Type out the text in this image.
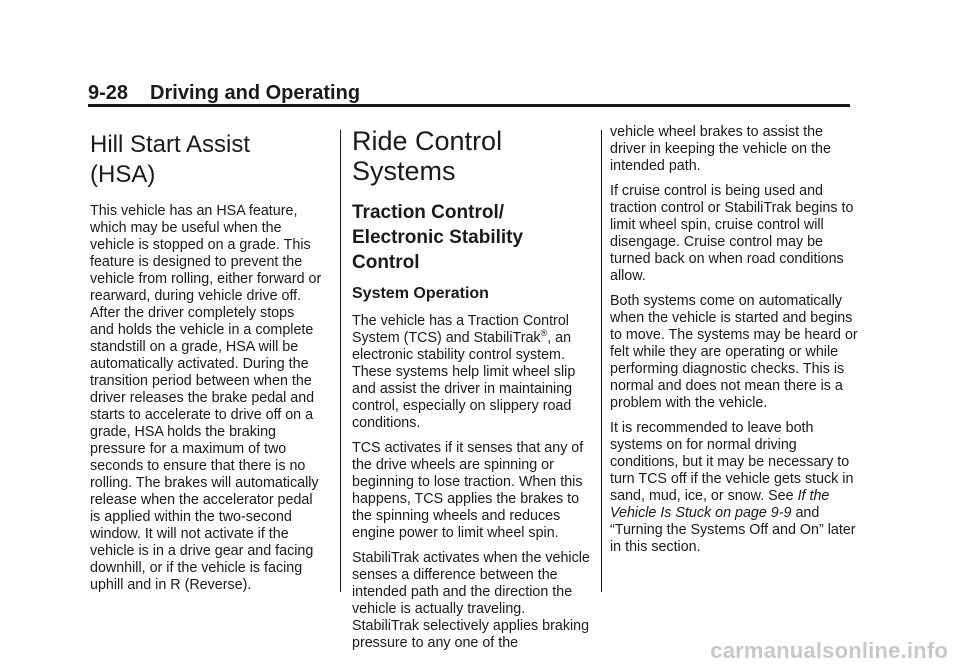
9-28 Driving and Operating
Hill Start Assist (HSA)

This vehicle has an HSA feature, which may be useful when the vehicle is stopped on a grade. This feature is designed to prevent the vehicle from rolling, either forward or rearward, during vehicle drive off. After the driver completely stops and holds the vehicle in a complete standstill on a grade, HSA will be automatically activated. During the transition period between when the driver releases the brake pedal and starts to accelerate to drive off on a grade, HSA holds the braking pressure for a maximum of two seconds to ensure that there is no rolling. The brakes will automatically release when the accelerator pedal is applied within the two-second window. It will not activate if the vehicle is in a drive gear and facing downhill, or if the vehicle is facing uphill and in R (Reverse).

Ride Control Systems
Traction Control/ Electronic Stability Control
System Operation

The vehicle has a Traction Control System (TCS) and StabiliTrak®, an electronic stability control system. These systems help limit wheel slip and assist the driver in maintaining control, especially on slippery road conditions.

TCS activates if it senses that any of the drive wheels are spinning or beginning to lose traction. When this happens, TCS applies the brakes to the spinning wheels and reduces engine power to limit wheel spin.

StabiliTrak activates when the vehicle senses a difference between the intended path and the direction the vehicle is actually traveling. StabiliTrak selectively applies braking pressure to any one of the

vehicle wheel brakes to assist the driver in keeping the vehicle on the intended path.

If cruise control is being used and traction control or StabiliTrak begins to limit wheel spin, cruise control will disengage. Cruise control may be turned back on when road conditions allow.

Both systems come on automatically when the vehicle is started and begins to move. The systems may be heard or felt while they are operating or while performing diagnostic checks. This is normal and does not mean there is a problem with the vehicle.

It is recommended to leave both systems on for normal driving conditions, but it may be necessary to turn TCS off if the vehicle gets stuck in sand, mud, ice, or snow. See If the Vehicle Is Stuck on page 9-9 and “Turning the Systems Off and On” later in this section.

carmanualsonline.info
